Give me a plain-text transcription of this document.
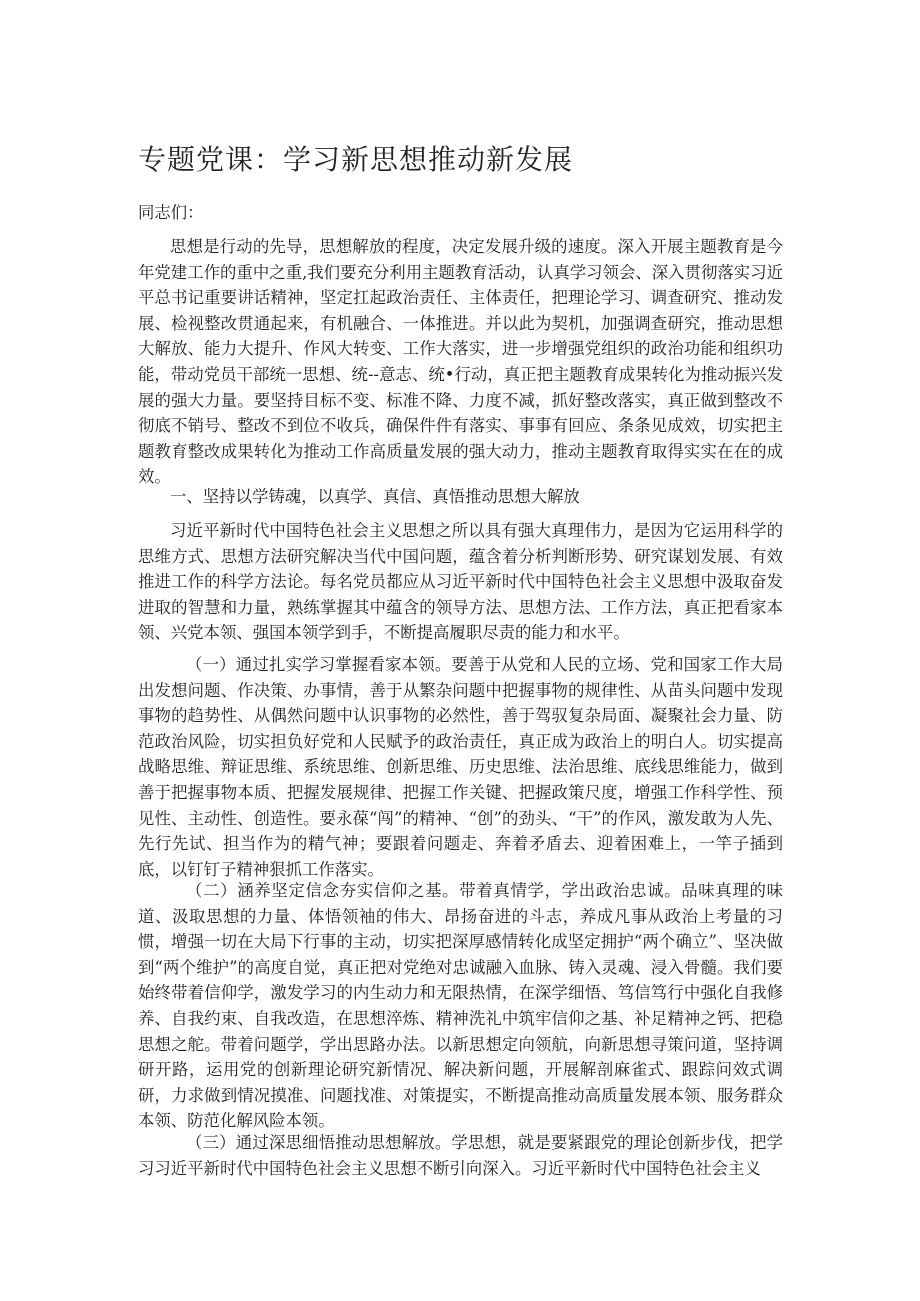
专题党课：学习新思想推动新发展

同志们：

思想是行动的先导，思想解放的程度，决定发展升级的速度。深入开展主题教育是今年党建工作的重中之重,我们要充分利用主题教育活动，认真学习领会、深入贯彻落实习近平总书记重要讲话精神，坚定扛起政治责任、主体责任，把理论学习、调查研究、推动发展、检视整改贯通起来，有机融合、一体推进。并以此为契机，加强调查研究，推动思想大解放、能力大提升、作风大转变、工作大落实，进一步增强党组织的政治功能和组织功能，带动党员干部统一思想、统--意志、统•行动，真正把主题教育成果转化为推动振兴发展的强大力量。要坚持目标不变、标准不降、力度不减，抓好整改落实，真正做到整改不彻底不销号、整改不到位不收兵，确保件件有落实、事事有回应、条条见成效，切实把主题教育整改成果转化为推动工作高质量发展的强大动力，推动主题教育取得实实在在的成效。

一、坚持以学铸魂，以真学、真信、真悟推动思想大解放

习近平新时代中国特色社会主义思想之所以具有强大真理伟力，是因为它运用科学的思维方式、思想方法研究解决当代中国问题，蕴含着分析判断形势、研究谋划发展、有效推进工作的科学方法论。每名党员都应从习近平新时代中国特色社会主义思想中汲取奋发进取的智慧和力量，熟练掌握其中蕴含的领导方法、思想方法、工作方法，真正把看家本领、兴党本领、强国本领学到手，不断提高履职尽责的能力和水平。

（一）通过扎实学习掌握看家本领。要善于从党和人民的立场、党和国家工作大局出发想问题、作决策、办事情，善于从繁杂问题中把握事物的规律性、从苗头问题中发现事物的趋势性、从偶然问题中认识事物的必然性，善于驾驭复杂局面、凝聚社会力量、防范政治风险，切实担负好党和人民赋予的政治责任，真正成为政治上的明白人。切实提高战略思维、辩证思维、系统思维、创新思维、历史思维、法治思维、底线思维能力，做到善于把握事物本质、把握发展规律、把握工作关键、把握政策尺度，增强工作科学性、预见性、主动性、创造性。要永葆“闯”的精神、“创”的劲头、“干”的作风，激发敢为人先、先行先试、担当作为的精气神；要跟着问题走、奔着矛盾去、迎着困难上，一竿子插到底，以钉钉子精神狠抓工作落实。

（二）涵养坚定信念夯实信仰之基。带着真情学，学出政治忠诚。品味真理的味道、汲取思想的力量、体悟领袖的伟大、昂扬奋进的斗志，养成凡事从政治上考量的习惯，增强一切在大局下行事的主动，切实把深厚感情转化成坚定拥护“两个确立”、坚决做到“两个维护”的高度自觉，真正把对党绝对忠诚融入血脉、铸入灵魂、浸入骨髓。我们要始终带着信仰学，激发学习的内生动力和无限热情，在深学细悟、笃信笃行中强化自我修养、自我约束、自我改造，在思想淬炼、精神洗礼中筑牢信仰之基、补足精神之钙、把稳思想之舵。带着问题学，学出思路办法。以新思想定向领航，向新思想寻策问道，坚持调研开路，运用党的创新理论研究新情况、解决新问题，开展解剖麻雀式、跟踪问效式调研，力求做到情况摸准、问题找准、对策提实，不断提高推动高质量发展本领、服务群众本领、防范化解风险本领。

（三）通过深思细悟推动思想解放。学思想，就是要紧跟党的理论创新步伐，把学习习近平新时代中国特色社会主义思想不断引向深入。习近平新时代中国特色社会主义
